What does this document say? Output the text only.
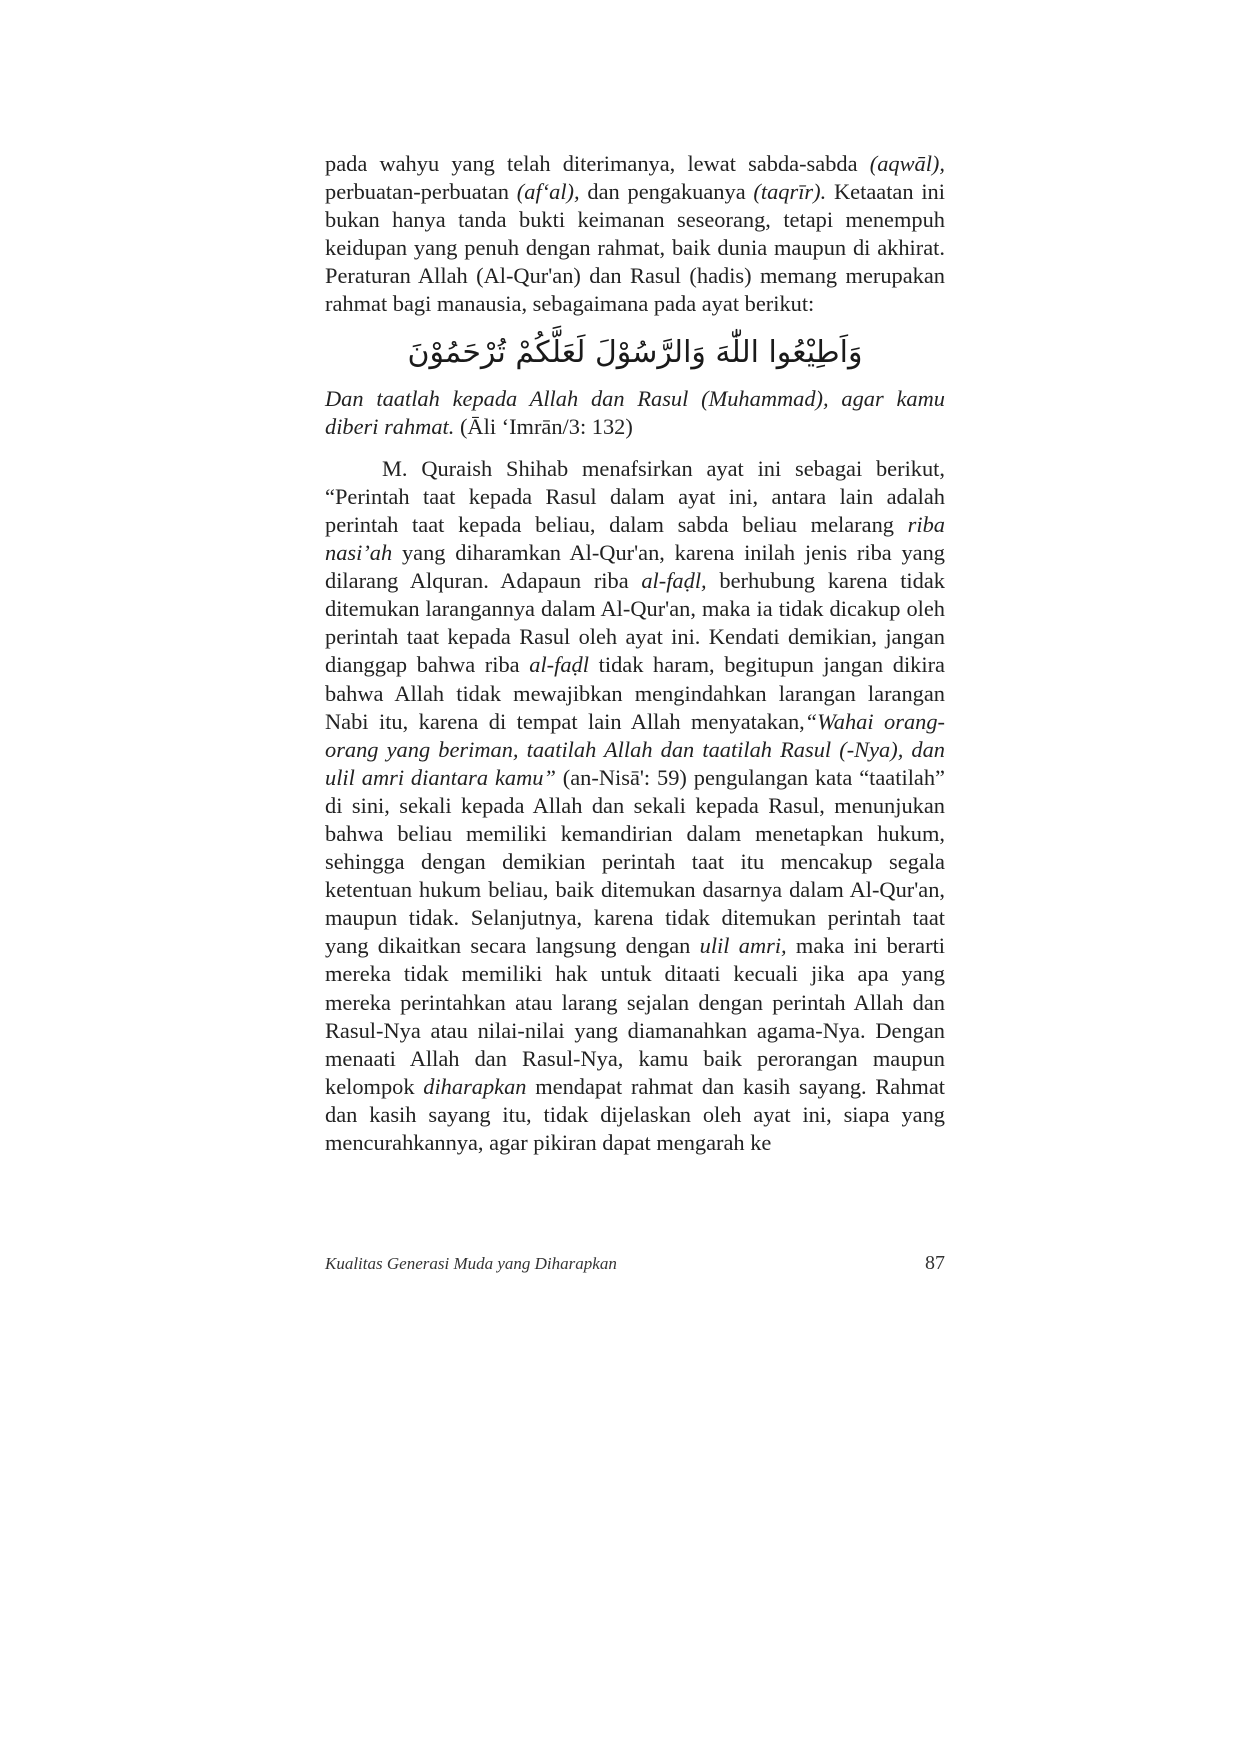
pada wahyu yang telah diterimanya, lewat sabda-sabda (aqwāl), perbuatan-perbuatan (af‘al), dan pengakuanya (taqrīr). Ketaatan ini bukan hanya tanda bukti keimanan seseorang, tetapi menempuh keidupan yang penuh dengan rahmat, baik dunia maupun di akhirat. Peraturan Allah (Al-Qur'an) dan Rasul (hadis) memang merupakan rahmat bagi manausia, sebagaimana pada ayat berikut:

وَاَطِيْعُوا اللّٰهَ وَالرَّسُوْلَ لَعَلَّكُمْ تُرْحَمُوْنَ

Dan taatlah kepada Allah dan Rasul (Muhammad), agar kamu diberi rahmat. (Āli ‘Imrān/3: 132)

M. Quraish Shihab menafsirkan ayat ini sebagai berikut, “Perintah taat kepada Rasul dalam ayat ini, antara lain adalah perintah taat kepada beliau, dalam sabda beliau melarang riba nasi’ah yang diharamkan Al-Qur'an, karena inilah jenis riba yang dilarang Alquran. Adapaun riba al-faḍl, berhubung karena tidak ditemukan larangannya dalam Al-Qur'an, maka ia tidak dicakup oleh perintah taat kepada Rasul oleh ayat ini. Kendati demikian, jangan dianggap bahwa riba al-faḍl tidak haram, begitupun jangan dikira bahwa Allah tidak mewajibkan mengindahkan larangan larangan Nabi itu, karena di tempat lain Allah menyatakan,“Wahai orang-orang yang beriman, taatilah Allah dan taatilah Rasul (-Nya), dan ulil amri diantara kamu” (an-Nisā': 59) pengulangan kata “taatilah” di sini, sekali kepada Allah dan sekali kepada Rasul, menunjukan bahwa beliau memiliki kemandirian dalam menetapkan hukum, sehingga dengan demikian perintah taat itu mencakup segala ketentuan hukum beliau, baik ditemukan dasarnya dalam Al-Qur'an, maupun tidak. Selanjutnya, karena tidak ditemukan perintah taat yang dikaitkan secara langsung dengan ulil amri, maka ini berarti mereka tidak memiliki hak untuk ditaati kecuali jika apa yang mereka perintahkan atau larang sejalan dengan perintah Allah dan Rasul-Nya atau nilai-nilai yang diamanahkan agama-Nya. Dengan menaati Allah dan Rasul-Nya, kamu baik perorangan maupun kelompok diharapkan mendapat rahmat dan kasih sayang. Rahmat dan kasih sayang itu, tidak dijelaskan oleh ayat ini, siapa yang mencurahkannya, agar pikiran dapat mengarah ke

Kualitas Generasi Muda yang Diharapkan	87
